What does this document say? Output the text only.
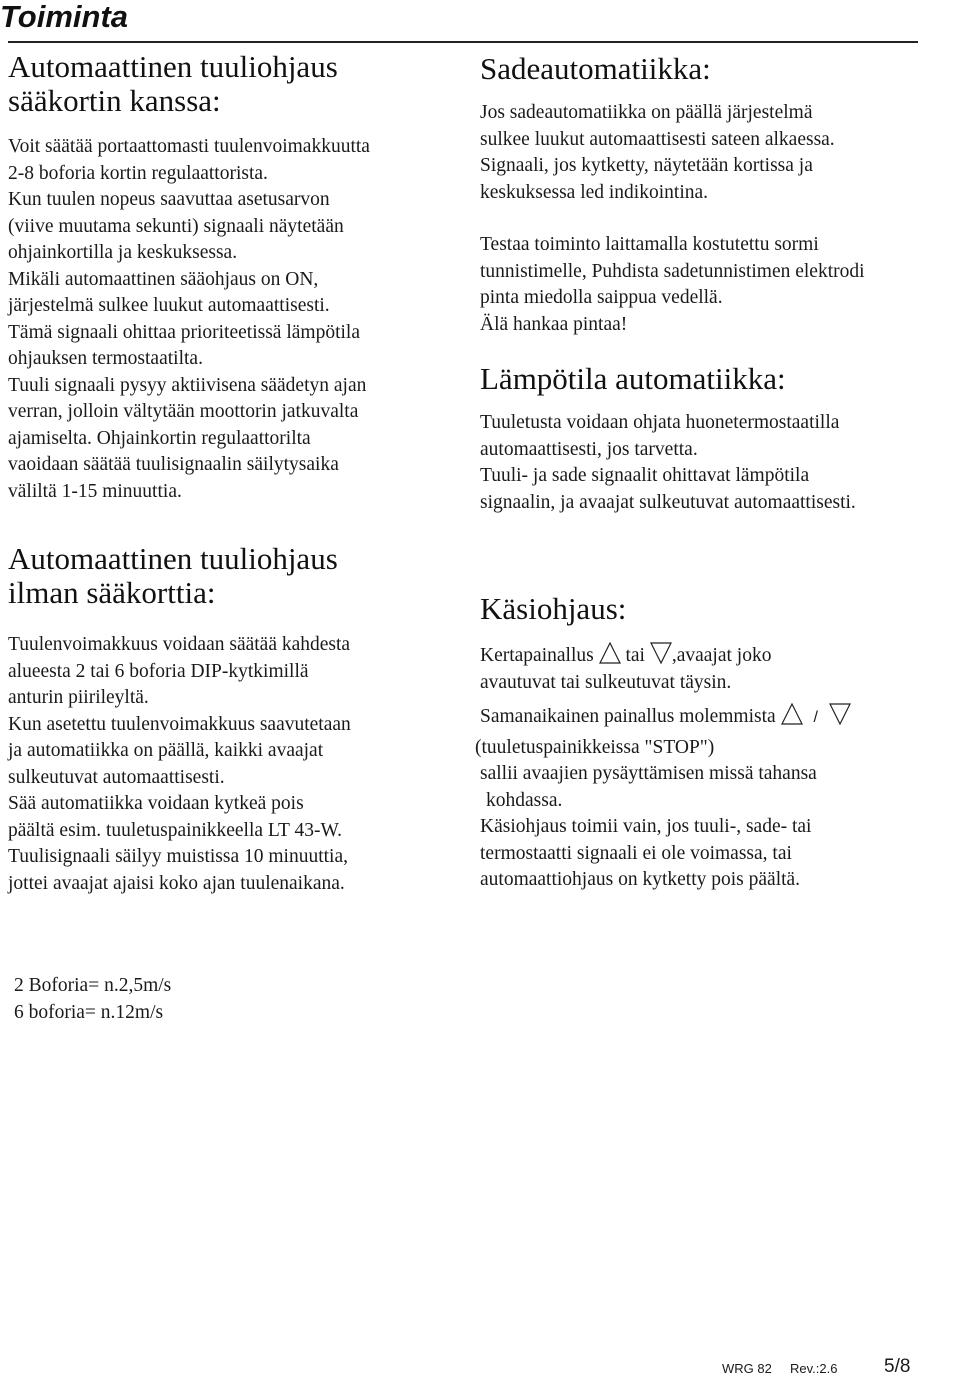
Toiminta
Automaattinen tuuliohjaus
sääkortin kanssa:
Voit säätää portaattomasti tuulenvoimakkuutta
2-8 boforia kortin regulaattorista.
Kun tuulen nopeus saavuttaa asetusarvon
(viive muutama sekunti) signaali näytetään
ohjainkortilla ja keskuksessa.
Mikäli automaattinen sääohjaus on ON,
järjestelmä sulkee luukut automaattisesti.
Tämä signaali ohittaa prioriteetissä lämpötila
ohjauksen termostaatilta.
Tuuli signaali pysyy aktiivisena säädetyn ajan
verran, jolloin vältytään moottorin jatkuvalta
ajamiselta. Ohjainkortin regulaattorilta
vaoidaan säätää tuulisignaalin säilytysaika
väliltä 1-15 minuuttia.
Automaattinen tuuliohjaus
ilman sääkorttia:
Tuulenvoimakkuus voidaan säätää kahdesta
alueesta 2 tai 6 boforia DIP-kytkimillä
anturin piirileyltä.
Kun asetettu tuulenvoimakkuus saavutetaan
ja automatiikka on päällä, kaikki avaajat
sulkeutuvat automaattisesti.
Sää automatiikka voidaan kytkeä pois
päältä esim. tuuletuspainikkeella LT 43-W.
Tuulisignaali säilyy muistissa 10 minuuttia,
jottei avaajat ajaisi koko ajan tuulenaikana.
2 Boforia= n.2,5m/s
6 boforia= n.12m/s
Sadeautomatiikka:
Jos sadeautomatiikka on päällä järjestelmä
sulkee luukut automaattisesti sateen alkaessa.
Signaali, jos kytketty, näytetään kortissa ja
keskuksessa led indikointina.
Testaa toiminto laittamalla kostutettu sormi
tunnistimelle, Puhdista sadetunnistimen elektrodi
pinta miedolla saippua vedellä.
Älä hankaa pintaa!
Lämpötila automatiikka:
Tuuletusta voidaan ohjata huonetermostaatilla
automaattisesti, jos tarvetta.
Tuuli- ja sade signaalit ohittavat lämpötila
signaalin, ja avaajat sulkeutuvat automaattisesti.
Käsiohjaus:
Kertapainallus tai ,avaajat joko
avautuvat tai sulkeutuvat täysin.
Samanaikainen painallus molemmista /
(tuuletuspainikkeissa "STOP")
sallii avaajien pysäyttämisen missä tahansa
kohdassa.
Käsiohjaus toimii vain, jos tuuli-, sade- tai
termostaatti signaali ei ole voimassa, tai
automaattiohjaus on kytketty pois päältä.
WRG 82 Rev.:2.6 5/8
